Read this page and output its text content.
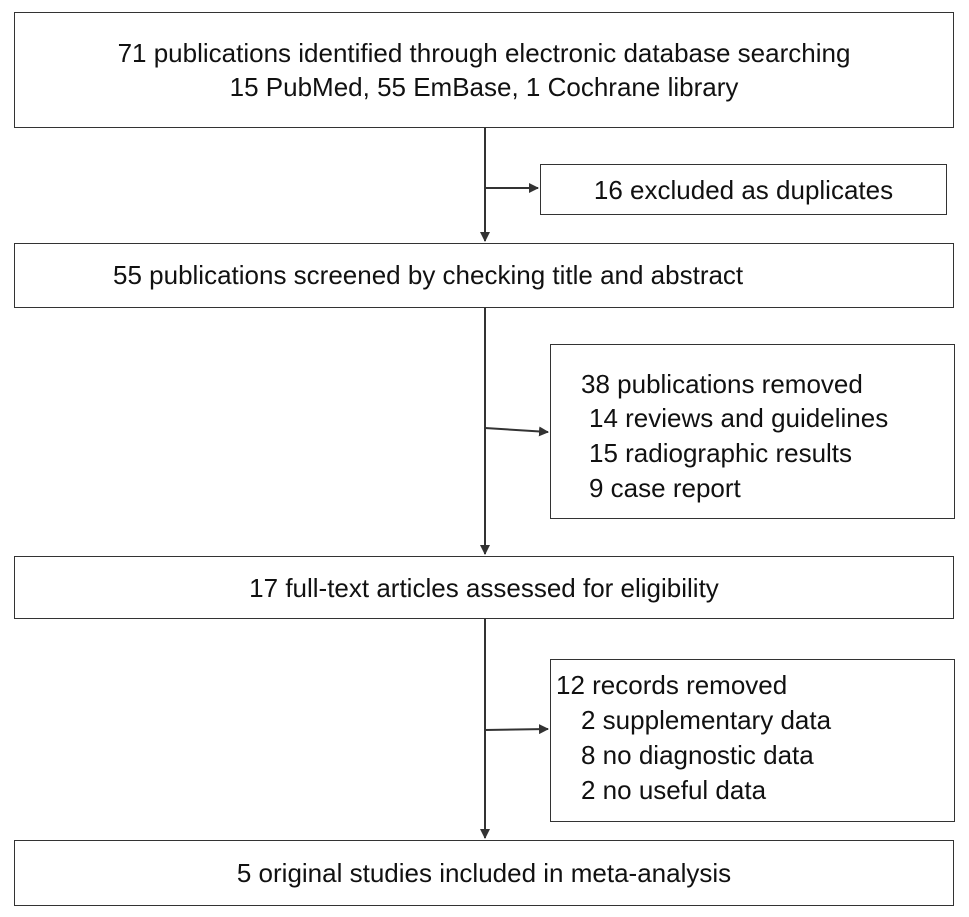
71 publications identified through electronic database searching
15 PubMed, 55 EmBase, 1 Cochrane library
16 excluded as duplicates
55 publications screened by checking title and abstract
38 publications removed
14 reviews and guidelines
15 radiographic results
9 case report
17 full-text articles assessed for eligibility
12 records removed
2 supplementary data
8 no diagnostic data
2 no useful data
5 original studies included in meta-analysis
